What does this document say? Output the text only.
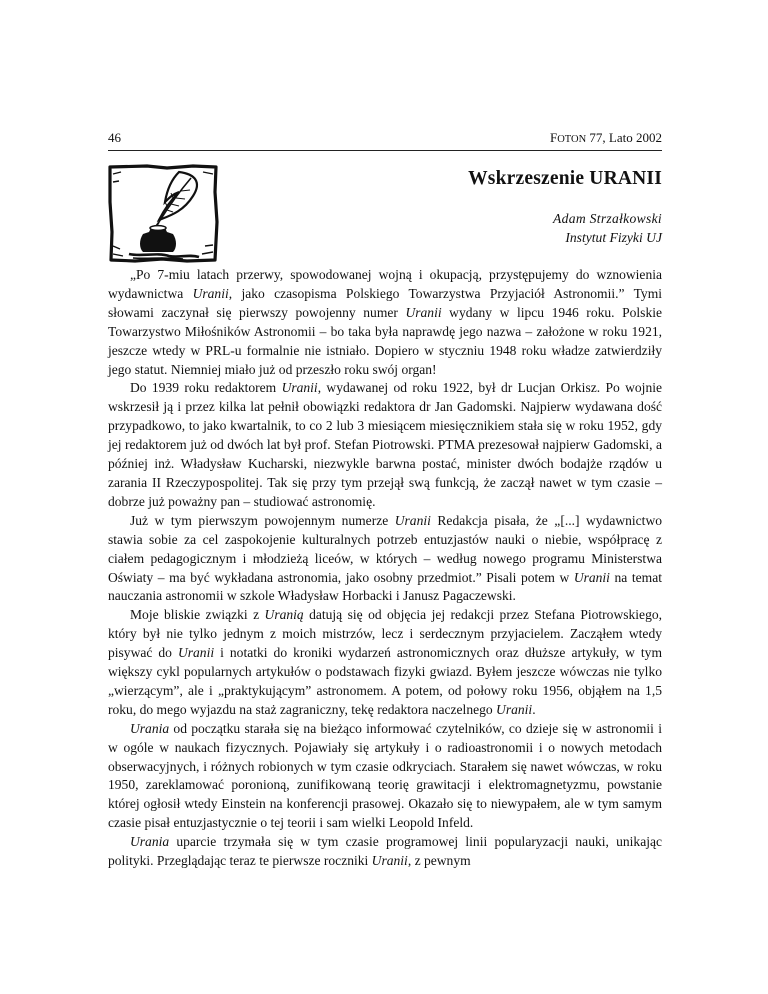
46	FOTON 77, Lato 2002
Wskrzeszenie URANII
Adam Strzałkowski
Instytut Fizyki UJ

„Po 7-miu latach przerwy, spowodowanej wojną i okupacją, przystępujemy do wznowienia wydawnictwa Uranii, jako czasopisma Polskiego Towarzystwa Przyjaciół Astronomii.” Tymi słowami zaczynał się pierwszy powojenny numer Uranii wydany w lipcu 1946 roku. Polskie Towarzystwo Miłośników Astronomii – bo taka była naprawdę jego nazwa – założone w roku 1921, jeszcze wtedy w PRL-u formalnie nie istniało. Dopiero w styczniu 1948 roku władze zatwierdziły jego statut. Niemniej miało już od przeszło roku swój organ!

Do 1939 roku redaktorem Uranii, wydawanej od roku 1922, był dr Lucjan Orkisz. Po wojnie wskrzesił ją i przez kilka lat pełnił obowiązki redaktora dr Jan Gadomski. Najpierw wydawana dość przypadkowo, to jako kwartalnik, to co 2 lub 3 miesiącem miesięcznikiem stała się w roku 1952, gdy jej redaktorem już od dwóch lat był prof. Stefan Piotrowski. PTMA prezesował najpierw Gadomski, a później inż. Władysław Kucharski, niezwykle barwna postać, minister dwóch bodajże rządów u zarania II Rzeczypospolitej. Tak się przy tym przejął swą funkcją, że zaczął nawet w tym czasie – dobrze już poważny pan – studiować astronomię.

Już w tym pierwszym powojennym numerze Uranii Redakcja pisała, że „[...] wydawnictwo stawia sobie za cel zaspokojenie kulturalnych potrzeb entuzjastów nauki o niebie, współpracę z ciałem pedagogicznym i młodzieżą liceów, w których – według nowego programu Ministerstwa Oświaty – ma być wykładana astronomia, jako osobny przedmiot.” Pisali potem w Uranii na temat nauczania astronomii w szkole Władysław Horbacki i Janusz Pagaczewski.

Moje bliskie związki z Uranią datują się od objęcia jej redakcji przez Stefana Piotrowskiego, który był nie tylko jednym z moich mistrzów, lecz i serdecznym przyjacielem. Zacząłem wtedy pisywać do Uranii i notatki do kroniki wydarzeń astronomicznych oraz dłuższe artykuły, w tym większy cykl popularnych artykułów o podstawach fizyki gwiazd. Byłem jeszcze wówczas nie tylko „wierzącym”, ale i „praktykującym” astronomem. A potem, od połowy roku 1956, objąłem na 1,5 roku, do mego wyjazdu na staż zagraniczny, tekę redaktora naczelnego Uranii.

Urania od początku starała się na bieżąco informować czytelników, co dzieje się w astronomii i w ogóle w naukach fizycznych. Pojawiały się artykuły i o radioastronomii i o nowych metodach obserwacyjnych, i różnych robionych w tym czasie odkryciach. Starałem się nawet wówczas, w roku 1950, zareklamować poronioną, zunifikowaną teorię grawitacji i elektromagnetyzmu, powstanie której ogłosił wtedy Einstein na konferencji prasowej. Okazało się to niewypałem, ale w tym samym czasie pisał entuzjastycznie o tej teorii i sam wielki Leopold Infeld.

Urania uparcie trzymała się w tym czasie programowej linii popularyzacji nauki, unikając polityki. Przeglądając teraz te pierwsze roczniki Uranii, z pewnym
